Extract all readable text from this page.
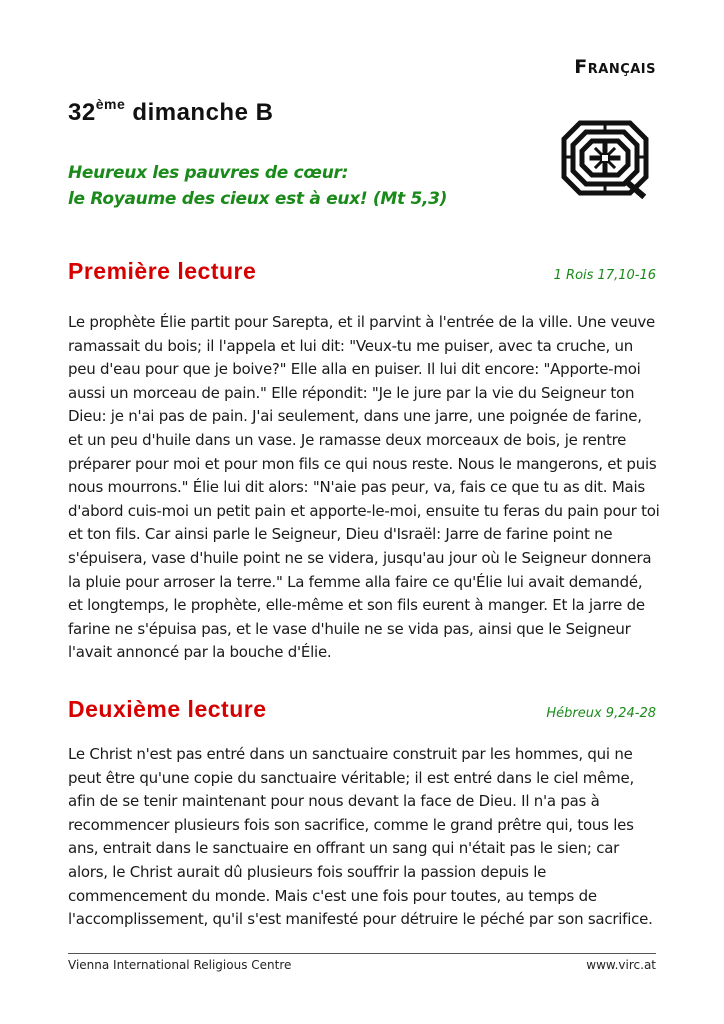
Français
32ème dimanche B
Heureux les pauvres de cœur:
le Royaume des cieux est à eux! (Mt 5,3)
Première lecture	1 Rois 17,10-16
Le prophète Élie partit pour Sarepta, et il parvint à l'entrée de la ville. Une veuve ramassait du bois; il l'appela et lui dit: "Veux-tu me puiser, avec ta cruche, un peu d'eau pour que je boive?" Elle alla en puiser. Il lui dit encore: "Apporte-moi aussi un morceau de pain." Elle répondit: "Je le jure par la vie du Seigneur ton Dieu: je n'ai pas de pain. J'ai seulement, dans une jarre, une poignée de farine, et un peu d'huile dans un vase. Je ramasse deux morceaux de bois, je rentre préparer pour moi et pour mon fils ce qui nous reste. Nous le mangerons, et puis nous mourrons." Élie lui dit alors: "N'aie pas peur, va, fais ce que tu as dit. Mais d'abord cuis-moi un petit pain et apporte-le-moi, ensuite tu feras du pain pour toi et ton fils. Car ainsi parle le Seigneur, Dieu d'Israël: Jarre de farine point ne s'épuisera, vase d'huile point ne se videra, jusqu'au jour où le Seigneur donnera la pluie pour arroser la terre." La femme alla faire ce qu'Élie lui avait demandé, et longtemps, le prophète, elle-même et son fils eurent à manger. Et la jarre de farine ne s'épuisa pas, et le vase d'huile ne se vida pas, ainsi que le Seigneur l'avait annoncé par la bouche d'Élie.
Deuxième lecture	Hébreux 9,24-28
Le Christ n'est pas entré dans un sanctuaire construit par les hommes, qui ne peut être qu'une copie du sanctuaire véritable; il est entré dans le ciel même, afin de se tenir maintenant pour nous devant la face de Dieu. Il n'a pas à recommencer plusieurs fois son sacrifice, comme le grand prêtre qui, tous les ans, entrait dans le sanctuaire en offrant un sang qui n'était pas le sien; car alors, le Christ aurait dû plusieurs fois souffrir la passion depuis le commencement du monde. Mais c'est une fois pour toutes, au temps de l'accomplissement, qu'il s'est manifesté pour détruire le péché par son sacrifice.
Vienna International Religious Centre	www.virc.at
